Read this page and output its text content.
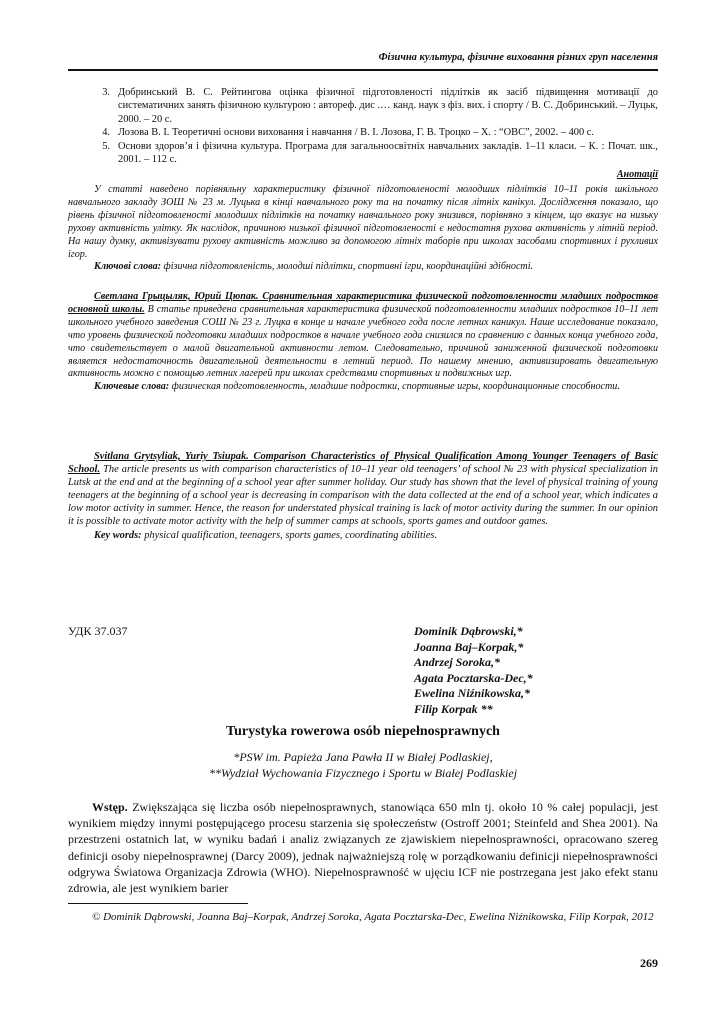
Фізична культура, фізичне виховання різних груп населення
3. Добринський В. С. Рейтингова оцінка фізичної підготовленості підлітків як засіб підвищення мотивації до систематичних занять фізичною культурою : автореф. дис .… канд. наук з фіз. вих. і спорту / В. С. Добринський. – Луцьк, 2000. – 20 с.
4. Лозова В. І. Теоретичні основи виховання і навчання / В. І. Лозова, Г. В. Троцко – Х. : “ОВС”, 2002. – 400 с.
5. Основи здоров’я і фізична культура. Програма для загальноосвітніх навчальних закладів. 1–11 класи. – К. : Почат. шк., 2001. – 112 с.
Анотації

У статті наведено порівняльну характеристику фізичної підготовленості молодших підлітків 10–11 років шкільного навчального закладу ЗОШ № 23 м. Луцька в кінці навчального року та на початку після літніх канікул. Дослідження показало, що рівень фізичної підготовленості молодших підлітків на початку навчального року знизився, порівняно з кінцем, що вказує на низьку рухову активність улітку. Як наслідок, причиною низької фізичної підготовленості є недостатня рухова активність у літній період. На нашу думку, активізувати рухову активність можливо за допомогою літніх таборів при школах засобами спортивних і рухливих ігор.

Ключові слова: фізична підготовленість, молодші підлітки, спортивні ігри, координаційні здібності.

Светлана Грыцыляк, Юрий Цюпак. Сравнительная характеристика физической подготовленности младших подростков основной школы. В статье приведена сравнительная характеристика физической подготовленности младших подростков 10–11 лет школьного учебного заведения СОШ № 23 г. Луцка в конце и начале учебного года после летних каникул. Наше исследование показало, что уровень физической подготовки младших подростков в начале учебного года снизился по сравнению с данных конца учебного года, что свидетельствует о малой двигательной активности летом. Следовательно, причиной заниженной физической подготовки является недостаточность двигательной деятельности в летний период. По нашему мнению, активизировать двигательную активность можно с помощью летних лагерей при школах средствами спортивных и подвижных игр.

Ключевые слова: физическая подготовленность, младшие подростки, спортивные игры, координационные способности.

Svitlana Grytsyliak, Yuriy Tsiupak. Comparison Characteristics of Physical Qualification Among Younger Teenagers of Basic School. The article presents us with comparison characteristics of 10–11 year old teenagers’ of school № 23 with physical specialization in Lutsk at the end and at the beginning of a school year after summer holiday. Our study has shown that the level of physical training of young teenagers at the beginning of a school year is decreasing in comparison with the data collected at the end of a school year, which indicates a low motor activity in summer. Hence, the reason for understated physical training is lack of motor activity during the summer. In our opinion it is possible to activate motor activity with the help of summer camps at schools, sports games and outdoor games.

Key words: physical qualification, teenagers, sports games, coordinating abilities.

УДК 37.037	Dominik Dąbrowski,*
Joanna Baj–Korpak,*
Andrzej Soroka,*
Agata Pocztarska-Dec,*
Ewelina Niźnikowska,*
Filip Korpak **
Turystyka rowerowa osób niepełnosprawnych
*PSW im. Papieża Jana Pawła II w Białej Podlaskiej,
**Wydział Wychowania Fizycznego i Sportu w Białej Podlaskiej

Wstęp. Zwiększająca się liczba osób niepełnosprawnych, stanowiąca 650 mln tj. około 10 % całej populacji, jest wynikiem między innymi postępującego procesu starzenia się społeczeństw (Ostroff 2001; Steinfeld and Shea 2001). Na przestrzeni ostatnich lat, w wyniku badań i analiz związanych ze zjawiskiem niepełnosprawności, opracowano szereg definicji osoby niepełnosprawnej (Darcy 2009), jednak najważniejszą rolę w porządkowaniu definicji niepełnosprawności odgrywa Światowa Organizacja Zdrowia (WHO). Niepełnosprawność w ujęciu ICF nie postrzegana jest jako efekt stanu zdrowia, ale jest wynikiem barier

© Dominik Dąbrowski, Joanna Baj–Korpak, Andrzej Soroka, Agata Pocztarska-Dec, Ewelina Niźnikowska, Filip Korpak, 2012
269
